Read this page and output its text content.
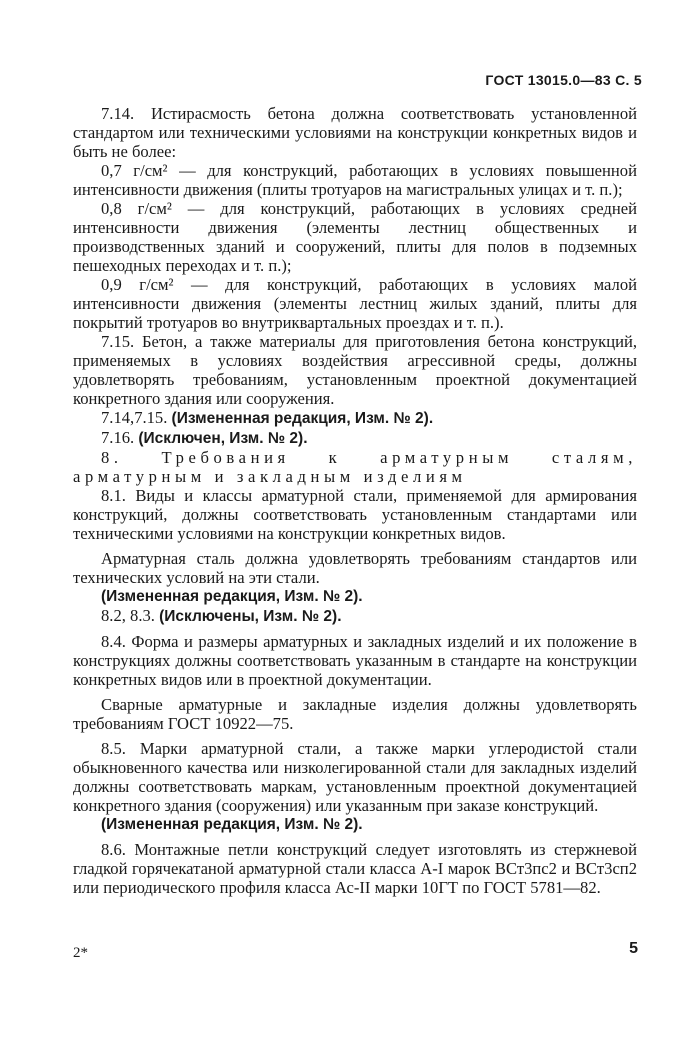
ГОСТ 13015.0—83 С. 5

7.14. Истирасмость бетона должна соответствовать установленной стандартом или техническими условиями на конструкции конкретных видов и быть не более:

0,7 г/см² — для конструкций, работающих в условиях повышенной интенсивности движения (плиты тротуаров на магистральных улицах и т. п.);

0,8 г/см² — для конструкций, работающих в условиях средней интенсивности движения (элементы лестниц общественных и производственных зданий и сооружений, плиты для полов в подземных пешеходных переходах и т. п.);

0,9 г/см² — для конструкций, работающих в условиях малой интенсивности движения (элементы лестниц жилых зданий, плиты для покрытий тротуаров во внутриквартальных проездах и т. п.).

7.15. Бетон, а также материалы для приготовления бетона конструкций, применяемых в условиях воздействия агрессивной среды, должны удовлетворять требованиям, установленным проектной документацией конкретного здания или сооружения.

7.14,7.15. (Измененная редакция, Изм. № 2).

7.16. (Исключен, Изм. № 2).

8. Требования к арматурным сталям, арматурным и закладным изделиям

8.1. Виды и классы арматурной стали, применяемой для армирования конструкций, должны соответствовать установленным стандартами или техническими условиями на конструкции конкретных видов.

Арматурная сталь должна удовлетворять требованиям стандартов или технических условий на эти стали.

(Измененная редакция, Изм. № 2).

8.2, 8.3. (Исключены, Изм. № 2).

8.4. Форма и размеры арматурных и закладных изделий и их положение в конструкциях должны соответствовать указанным в стандарте на конструкции конкретных видов или в проектной документации.

Сварные арматурные и закладные изделия должны удовлетворять требованиям ГОСТ 10922—75.

8.5. Марки арматурной стали, а также марки углеродистой стали обыкновенного качества или низколегированной стали для закладных изделий должны соответствовать маркам, установленным проектной документацией конкретного здания (сооружения) или указанным при заказе конструкций.

(Измененная редакция, Изм. № 2).

8.6. Монтажные петли конструкций следует изготовлять из стержневой гладкой горячекатаной арматурной стали класса А-I марок ВСт3пс2 и ВСт3сп2 или периодического профиля класса Ас-II марки 10ГТ по ГОСТ 5781—82.

2*	5
